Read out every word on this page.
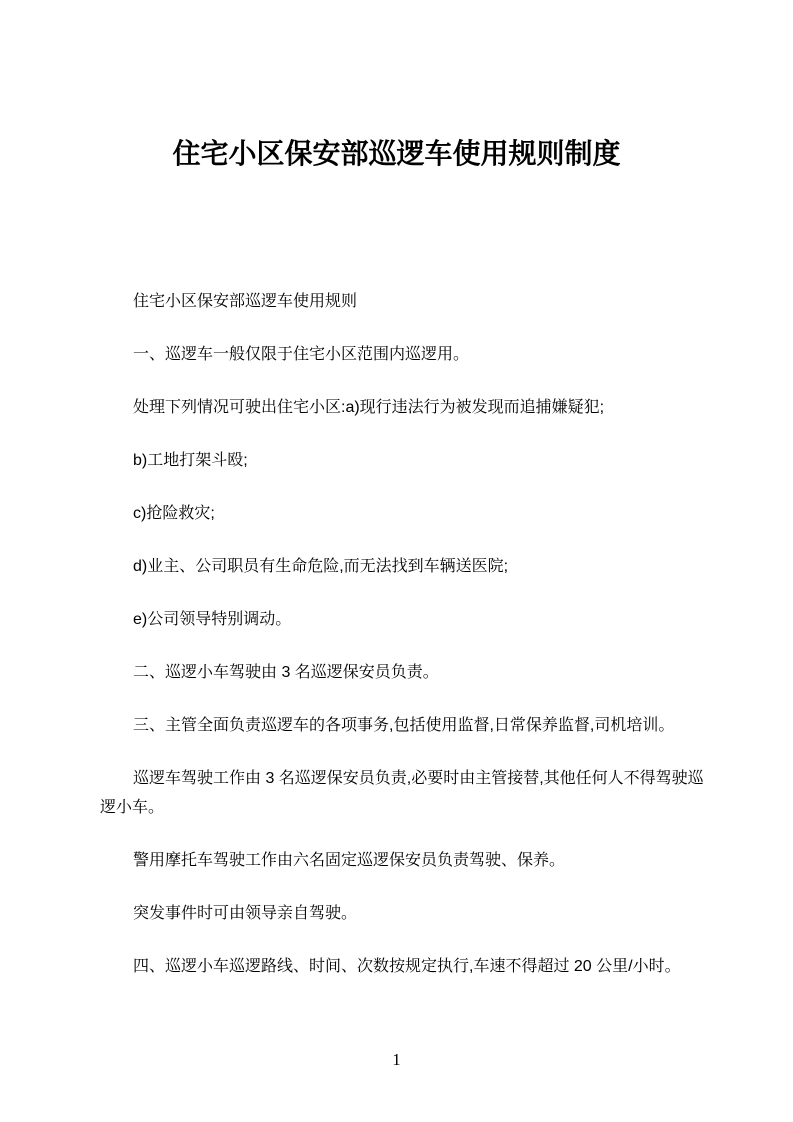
住宅小区保安部巡逻车使用规则制度

住宅小区保安部巡逻车使用规则

一、巡逻车一般仅限于住宅小区范围内巡逻用。

处理下列情况可驶出住宅小区:a)现行违法行为被发现而追捕嫌疑犯;

b)工地打架斗殴;

c)抢险救灾;

d)业主、公司职员有生命危险,而无法找到车辆送医院;

e)公司领导特别调动。

二、巡逻小车驾驶由 3 名巡逻保安员负责。

三、主管全面负责巡逻车的各项事务,包括使用监督,日常保养监督,司机培训。

巡逻车驾驶工作由 3 名巡逻保安员负责,必要时由主管接替,其他任何人不得驾驶巡逻小车。

警用摩托车驾驶工作由六名固定巡逻保安员负责驾驶、保养。

突发事件时可由领导亲自驾驶。

四、巡逻小车巡逻路线、时间、次数按规定执行,车速不得超过 20 公里/小时。

1
